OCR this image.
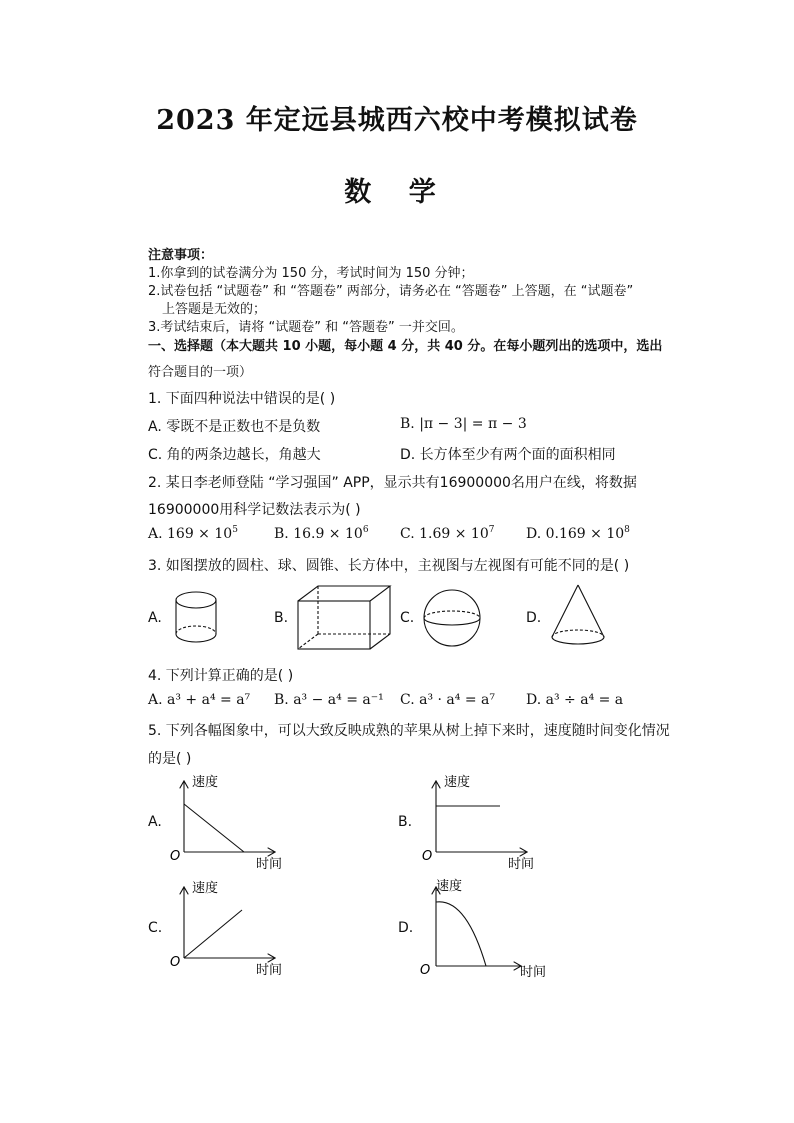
2023 年定远县城西六校中考模拟试卷
数 学
注意事项：
1.你拿到的试卷满分为 150 分，考试时间为 150 分钟；
2.试卷包括 “试题卷” 和 “答题卷” 两部分，请务必在 “答题卷” 上答题，在 “试题卷”
上答题是无效的；
3.考试结束后，请将 “试题卷” 和 “答题卷” 一并交回。
一、选择题（本大题共 10 小题，每小题 4 分，共 40 分。在每小题列出的选项中，选出
符合题目的一项）
1. 下面四种说法中错误的是( )
A. 零既不是正数也不是负数	B. |π − 3| = π − 3
C. 角的两条边越长，角越大	D. 长方体至少有两个面的面积相同
2. 某日李老师登陆 “学习强国” APP，显示共有16900000名用户在线，将数据
16900000用科学记数法表示为( )
A. $169 \times 10^5$	B. $16.9 \times 10^6$ C. $1.69 \times 10^7$ D. $0.169 \times 10^8$
3. 如图摆放的圆柱、球、圆锥、长方体中，主视图与左视图有可能不同的是( )
A.	B.	C.	D.
4. 下列计算正确的是( )
A. a³ + a⁴ = a⁷ B. a³ − a⁴ = a⁻¹ C. a³ · a⁴ = a⁷ D. a³ ÷ a⁴ = a
5. 下列各幅图象中，可以大致反映成熟的苹果从树上掉下来时，速度随时间变化情况
的是( )
A.	B.
C.	D.
速度
时间
O
速度
时间
O
速度
时间
O
速度
时间
O
